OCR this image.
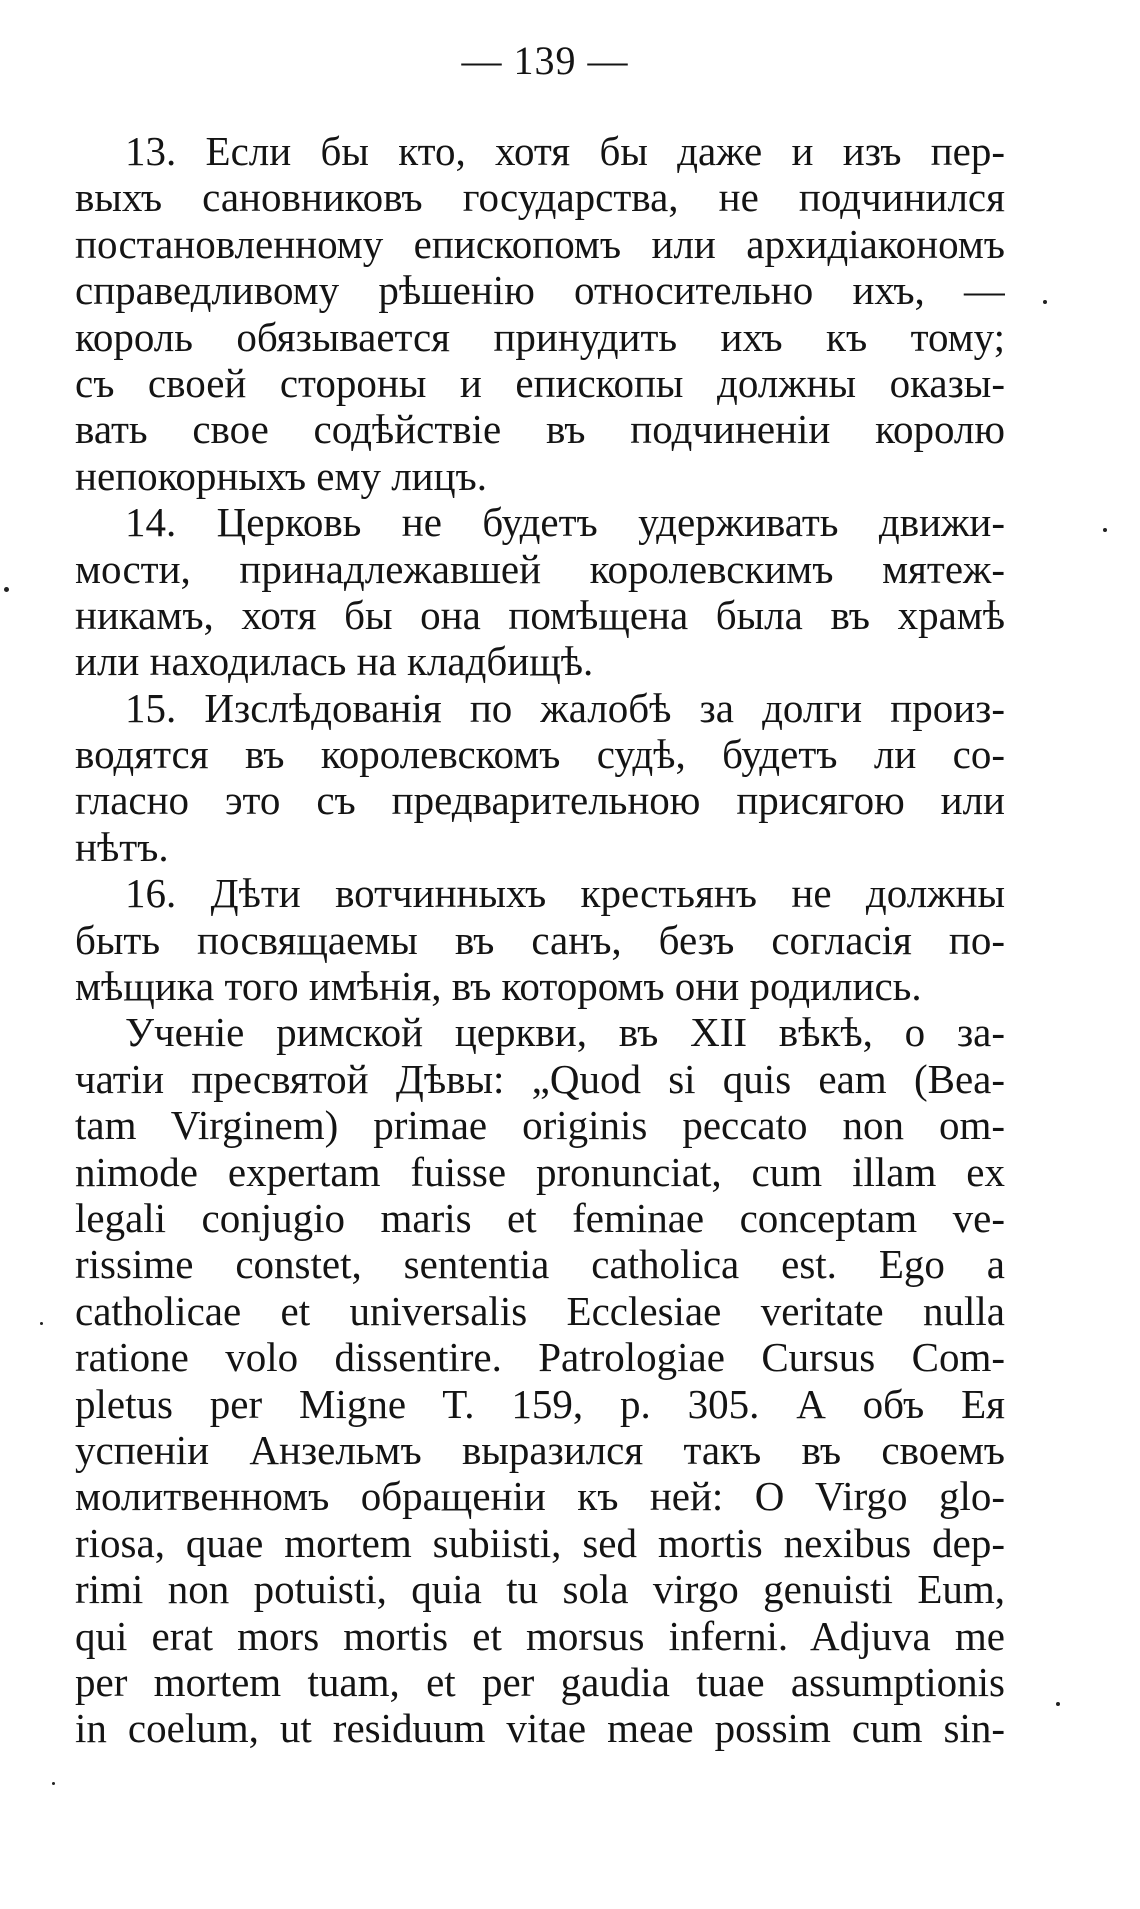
— 139 —
13. Если бы кто, хотя бы даже и изъ пер-
выхъ сановниковъ государства, не подчинился
постановленному епископомъ или архидіакономъ
справедливому рѣшенію относительно ихъ, —
король обязывается принудить ихъ къ тому;
съ своей стороны и епископы должны оказы-
вать свое содѣйствіе въ подчиненіи королю
непокорныхъ ему лицъ.
14. Церковь не будетъ удерживать движи-
мости, принадлежавшей королевскимъ мятеж-
никамъ, хотя бы она помѣщена была въ храмѣ
или находилась на кладбищѣ.
15. Изслѣдованія по жалобѣ за долги произ-
водятся въ королевскомъ судѣ, будетъ ли со-
гласно это съ предварительною присягою или
нѣтъ.
16. Дѣти вотчинныхъ крестьянъ не должны
быть посвящаемы въ санъ, безъ согласія по-
мѣщика того имѣнія, въ которомъ они родились.
Ученіе римской церкви, въ XII вѣкѣ, о за-
чатіи пресвятой Дѣвы: „Quod si quis eam (Bea-
tam Virginem) primae originis peccato non om-
nimode expertam fuisse pronunciat, cum illam ex
legali conjugio maris et feminae conceptam ve-
rissime constet, sententia catholica est. Ego a
catholicae et universalis Ecclesiae veritate nulla
ratione volo dissentire. Patrologiae Cursus Com-
pletus per Migne T. 159, p. 305. А объ Ея
успеніи Анзельмъ выразился такъ въ своемъ
молитвенномъ обращеніи къ ней: O Virgo glo-
riosa, quae mortem subiisti, sed mortis nexibus dep-
rimi non potuisti, quia tu sola virgo genuisti Eum,
qui erat mors mortis et morsus inferni. Adjuva me
per mortem tuam, et per gaudia tuae assumptionis
in coelum, ut residuum vitae meae possim cum sin-
